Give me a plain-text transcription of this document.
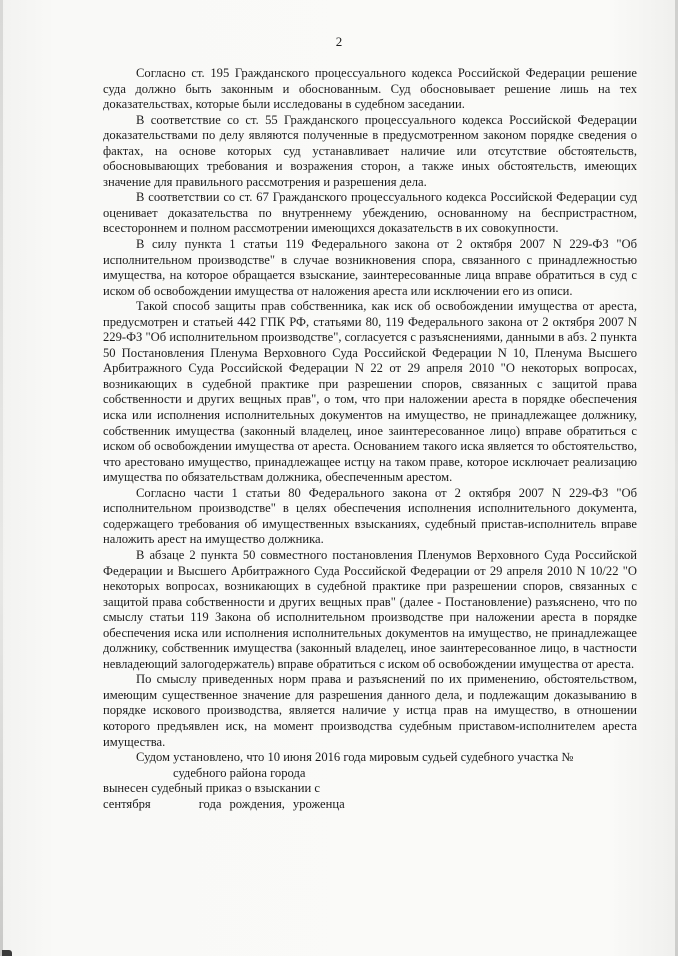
2

Согласно ст. 195 Гражданского процессуального кодекса Российской Федерации решение суда должно быть законным и обоснованным. Суд обосновывает решение лишь на тех доказательствах, которые были исследованы в судебном заседании.

В соответствие со ст. 55 Гражданского процессуального кодекса Российской Федерации доказательствами по делу являются полученные в предусмотренном законом порядке сведения о фактах, на основе которых суд устанавливает наличие или отсутствие обстоятельств, обосновывающих требования и возражения сторон, а также иных обстоятельств, имеющих значение для правильного рассмотрения и разрешения дела.

В соответствии со ст. 67 Гражданского процессуального кодекса Российской Федерации суд оценивает доказательства по внутреннему убеждению, основанному на беспристрастном, всестороннем и полном рассмотрении имеющихся доказательств в их совокупности.

В силу пункта 1 статьи 119 Федерального закона от 2 октября 2007 N 229-ФЗ "Об исполнительном производстве" в случае возникновения спора, связанного с принадлежностью имущества, на которое обращается взыскание, заинтересованные лица вправе обратиться в суд с иском об освобождении имущества от наложения ареста или исключении его из описи.

Такой способ защиты прав собственника, как иск об освобождении имущества от ареста, предусмотрен и статьей 442 ГПК РФ, статьями 80, 119 Федерального закона от 2 октября 2007 N 229-ФЗ "Об исполнительном производстве", согласуется с разъяснениями, данными в абз. 2 пункта 50 Постановления Пленума Верховного Суда Российской Федерации N 10, Пленума Высшего Арбитражного Суда Российской Федерации N 22 от 29 апреля 2010 "О некоторых вопросах, возникающих в судебной практике при разрешении споров, связанных с защитой права собственности и других вещных прав", о том, что при наложении ареста в порядке обеспечения иска или исполнения исполнительных документов на имущество, не принадлежащее должнику, собственник имущества (законный владелец, иное заинтересованное лицо) вправе обратиться с иском об освобождении имущества от ареста. Основанием такого иска является то обстоятельство, что арестовано имущество, принадлежащее истцу на таком праве, которое исключает реализацию имущества по обязательствам должника, обеспеченным арестом.

Согласно части 1 статьи 80 Федерального закона от 2 октября 2007 N 229-ФЗ "Об исполнительном производстве" в целях обеспечения исполнения исполнительного документа, содержащего требования об имущественных взысканиях, судебный пристав-исполнитель вправе наложить арест на имущество должника.

В абзаце 2 пункта 50 совместного постановления Пленумов Верховного Суда Российской Федерации и Высшего Арбитражного Суда Российской Федерации от 29 апреля 2010 N 10/22 "О некоторых вопросах, возникающих в судебной практике при разрешении споров, связанных с защитой права собственности и других вещных прав" (далее - Постановление) разъяснено, что по смыслу статьи 119 Закона об исполнительном производстве при наложении ареста в порядке обеспечения иска или исполнения исполнительных документов на имущество, не принадлежащее должнику, собственник имущества (законный владелец, иное заинтересованное лицо, в частности невладеющий залогодержатель) вправе обратиться с иском об освобождении имущества от ареста.

По смыслу приведенных норм права и разъяснений по их применению, обстоятельством, имеющим существенное значение для разрешения данного дела, и подлежащим доказыванию в порядке искового производства, является наличие у истца прав на имущество, в отношении которого предъявлен иск, на момент производства судебным приставом-исполнителем ареста имущества.

Судом установлено, что 10 июня 2016 года мировым судьей судебного участка №
судебного района города
вынесен судебный приказ о взыскании с
сентября	года рождения, уроженца
